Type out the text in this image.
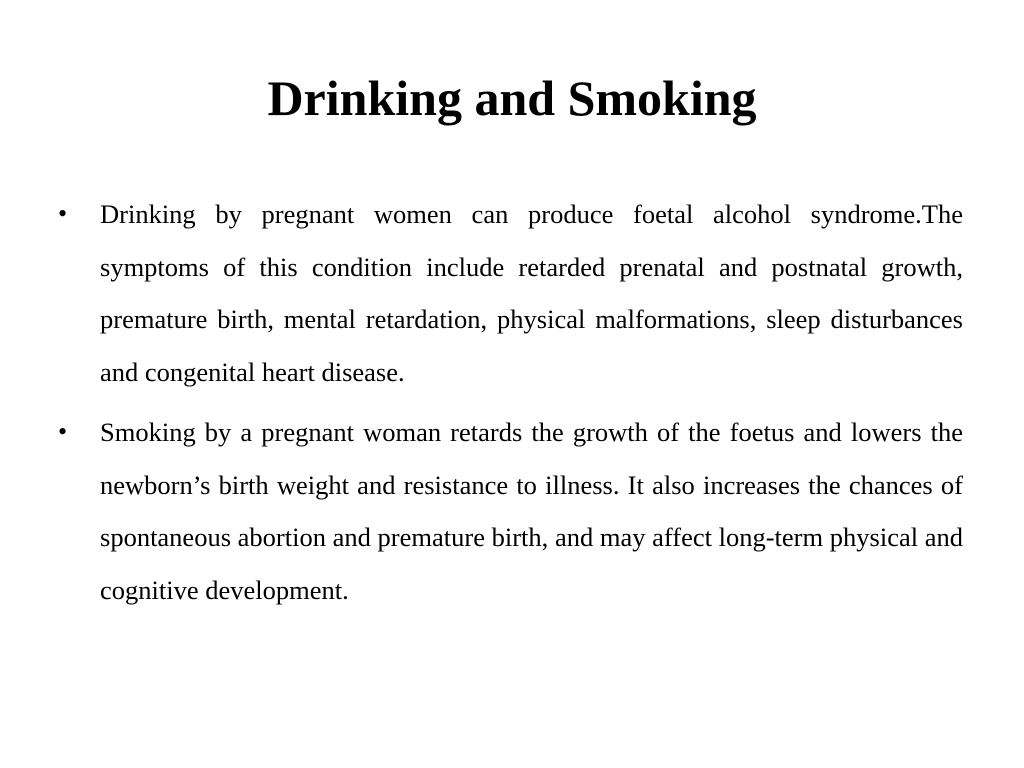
Drinking and Smoking
• Drinking by pregnant women can produce foetal alcohol syndrome.The symptoms of this condition include retarded prenatal and postnatal growth, premature birth, mental retardation, physical malformations, sleep disturbances and congenital heart disease.
• Smoking by a pregnant woman retards the growth of the foetus and lowers the newborn’s birth weight and resistance to illness. It also increases the chances of spontaneous abortion and premature birth, and may affect long-term physical and cognitive development.
